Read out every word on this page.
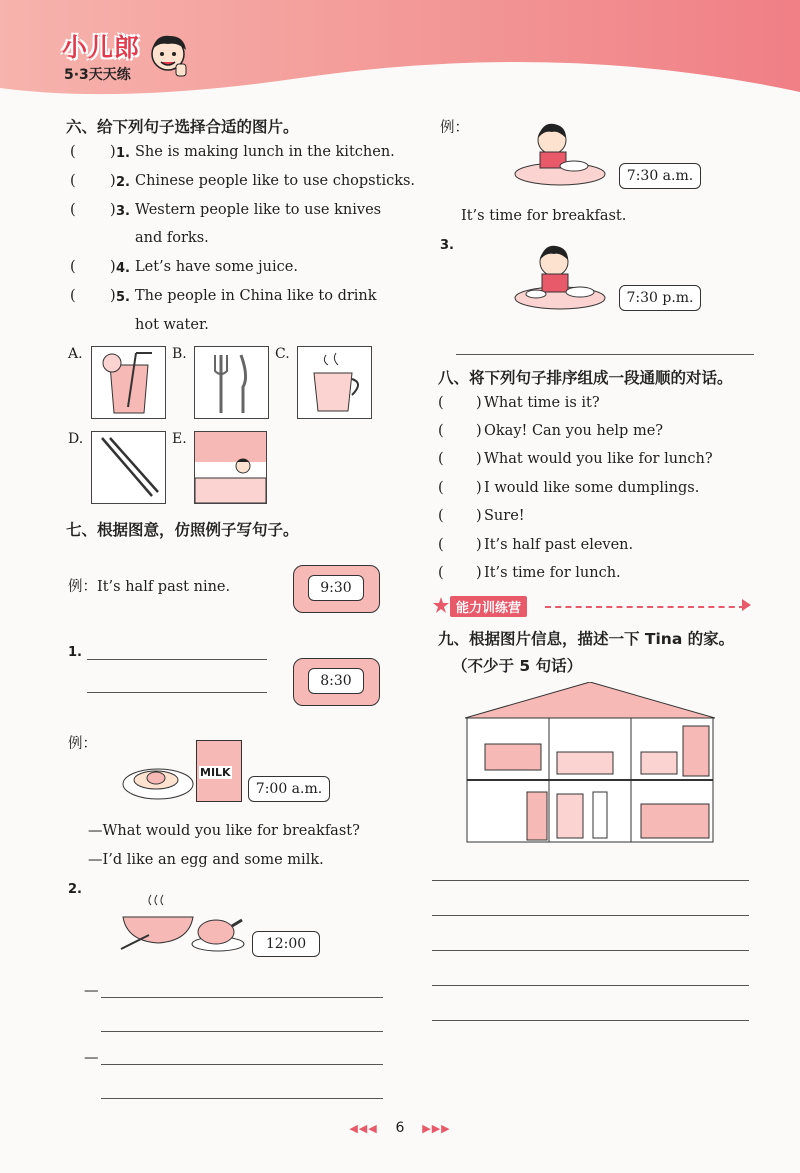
小儿郎
5·3天天练
六、给下列句子选择合适的图片。
( ) 1. She is making lunch in the kitchen.
( ) 2. Chinese people like to use chopsticks.
( ) 3. Western people like to use knives
and forks.
( ) 4. Let’s have some juice.
( ) 5. The people in China like to drink
hot water.
A.	B.	C.
D.	E.
七、根据图意，仿照例子写句子。
例：It’s half past nine.	9:30
1.
8:30
例：
MILK
7:00 a.m.
—What would you like for breakfast?
—I’d like an egg and some milk.
2.
12:00
—
—
例：
7:30 a.m.
It’s time for breakfast.
3.
7:30 p.m.
八、将下列句子排序组成一段通顺的对话。
( ) What time is it?
( ) Okay! Can you help me?
( ) What would you like for lunch?
( ) I would like some dumplings.
( ) Sure!
( ) It’s half past eleven.
( ) It’s time for lunch.
能力训练营
九、根据图片信息，描述一下 Tina 的家。
（不少于 5 句话）
◀◀◀ 6 ▶▶▶
